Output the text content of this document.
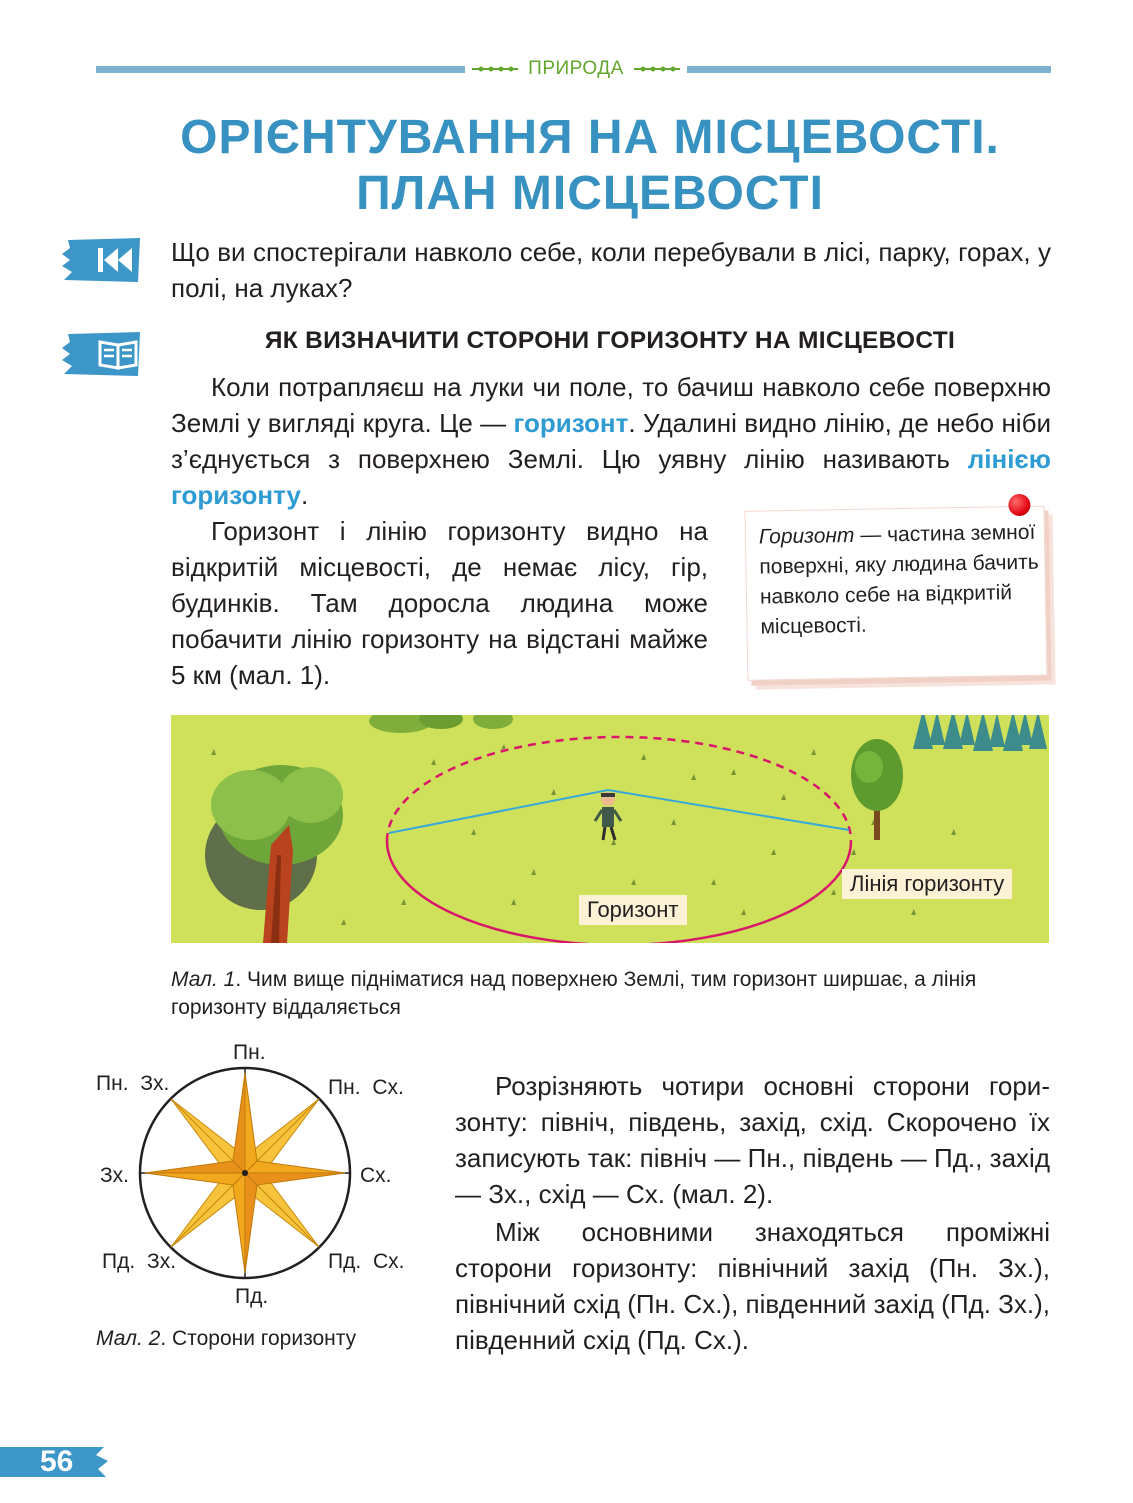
ПРИРОДА
ОРІЄНТУВАННЯ НА МІСЦЕВОСТІ.
ПЛАН МІСЦЕВОСТІ
Що ви спостерігали навколо себе, коли перебували в лісі, парку, горах, у полі, на луках?
ЯК ВИЗНАЧИТИ СТОРОНИ ГОРИЗОНТУ НА МІСЦЕВОСТІ
Коли потрапляєш на луки чи поле, то бачиш навколо себе поверхню Землі у вигляді круга. Це — горизонт. Удалині видно лінію, де небо ніби з’єднується з поверхнею Землі. Цю уявну лінію називають лінією горизонту.
Горизонт і лінію горизонту видно на відкритій місцевості, де немає лісу, гір, будинків. Там доросла людина може побачити лінію горизонту на відстані майже 5 км (мал. 1).
Горизонт — частина земної поверхні, яку людина бачить навколо себе на відкритій місцевості.
Горизонт
Лінія горизонту
Мал. 1. Чим вище підніматися над поверхнею Землі, тим горизонт ширшає, а лінія горизонту віддаляється
Пн.
Пд.
Зх.	Сх.
Пн. Зх.	Пн. Сх.
Пд. Зх.	Пд. Сх.
Мал. 2. Сторони горизонту
Розрізняють чотири основні сторони горизонту: північ, південь, захід, схід. Скорочено їх записують так: північ — Пн., південь — Пд., захід — Зх., схід — Сх. (мал. 2).
Між основними знаходяться проміжні сторони горизонту: північний захід (Пн. Зх.), північний схід (Пн. Сх.), південний захід (Пд. Зх.), південний схід (Пд. Сх.).
56
